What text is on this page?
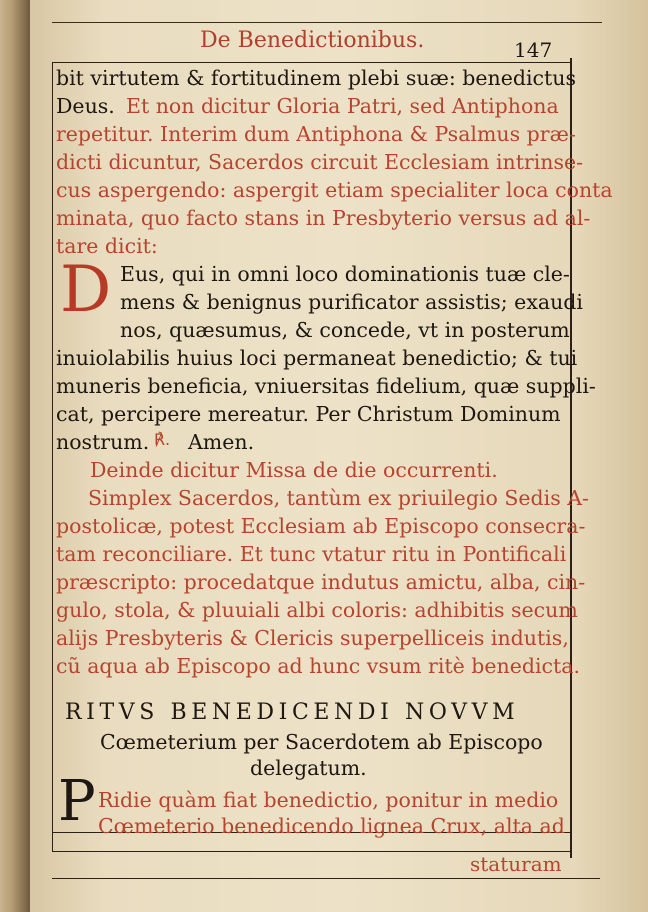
De Benedictionibus.	147
bit virtutem & fortitudinem plebi suæ: benedictus
Deus. Et non dicitur Gloria Patri, sed Antiphona
repetitur. Interim dum Antiphona & Psalmus præ-
dicti dicuntur, Sacerdos circuit Ecclesiam intrinse-
cus aspergendo: aspergit etiam specialiter loca conta
minata, quo facto stans in Presbyterio versus ad al-
tare dicit:
D Eus, qui in omni loco dominationis tuæ cle-
mens & benignus purificator assistis; exaudi
nos, quæsumus, & concede, vt in posterum
inuiolabilis huius loci permaneat benedictio; & tui
muneris beneficia, vniuersitas fidelium, quæ suppli-
cat, percipere mereatur. Per Christum Dominum
nostrum. ℟. Amen.
Deinde dicitur Missa de die occurrenti.
Simplex Sacerdos, tantùm ex priuilegio Sedis A-
postolicæ, potest Ecclesiam ab Episcopo consecra-
tam reconciliare. Et tunc vtatur ritu in Pontificali
præscripto: procedatque indutus amictu, alba, cin-
gulo, stola, & pluuiali albi coloris: adhibitis secum
alijs Presbyteris & Clericis superpelliceis indutis,
cũ aqua ab Episcopo ad hunc vsum ritè benedicta.
RITVS BENEDICENDI NOVVM
Cœmeterium per Sacerdotem ab Episcopo
delegatum.
P Ridie quàm fiat benedictio, ponitur in medio
Cœmeterio benedicendo lignea Crux, alta ad
staturam
